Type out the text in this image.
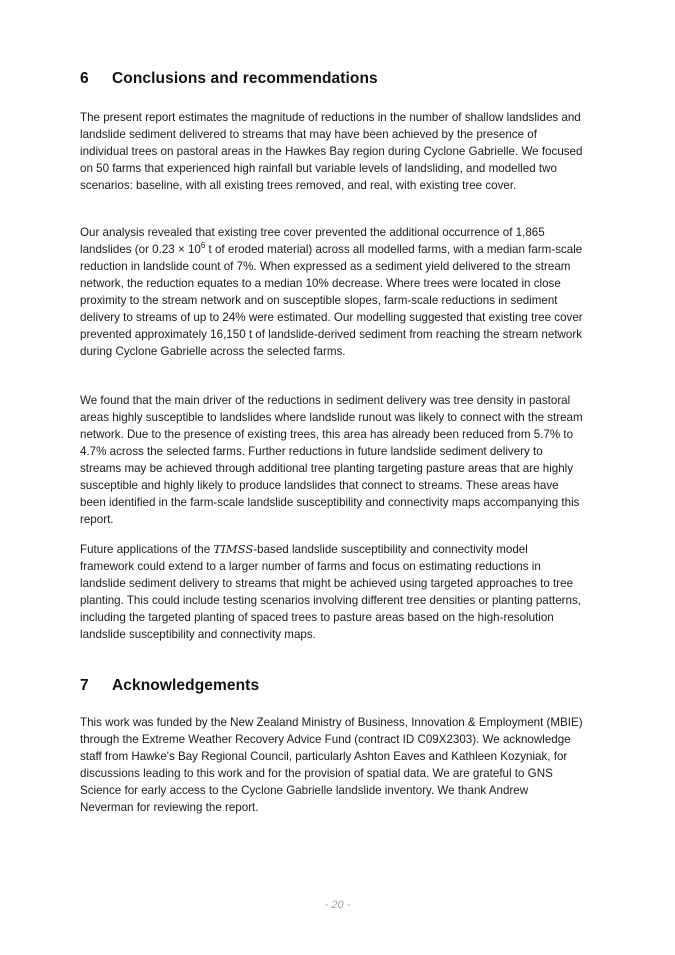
6	Conclusions and recommendations

The present report estimates the magnitude of reductions in the number of shallow landslides and landslide sediment delivered to streams that may have been achieved by the presence of individual trees on pastoral areas in the Hawkes Bay region during Cyclone Gabrielle. We focused on 50 farms that experienced high rainfall but variable levels of landsliding, and modelled two scenarios: baseline, with all existing trees removed, and real, with existing tree cover.

Our analysis revealed that existing tree cover prevented the additional occurrence of 1,865 landslides (or $0.23 \times 10^6$ t of eroded material) across all modelled farms, with a median farm-scale reduction in landslide count of 7%. When expressed as a sediment yield delivered to the stream network, the reduction equates to a median 10% decrease. Where trees were located in close proximity to the stream network and on susceptible slopes, farm-scale reductions in sediment delivery to streams of up to 24% were estimated. Our modelling suggested that existing tree cover prevented approximately 16,150 t of landslide-derived sediment from reaching the stream network during Cyclone Gabrielle across the selected farms.

We found that the main driver of the reductions in sediment delivery was tree density in pastoral areas highly susceptible to landslides where landslide runout was likely to connect with the stream network. Due to the presence of existing trees, this area has already been reduced from 5.7% to 4.7% across the selected farms. Further reductions in future landslide sediment delivery to streams may be achieved through additional tree planting targeting pasture areas that are highly susceptible and highly likely to produce landslides that connect to streams. These areas have been identified in the farm-scale landslide susceptibility and connectivity maps accompanying this report.

Future applications of the TIMSS-based landslide susceptibility and connectivity model framework could extend to a larger number of farms and focus on estimating reductions in landslide sediment delivery to streams that might be achieved using targeted approaches to tree planting. This could include testing scenarios involving different tree densities or planting patterns, including the targeted planting of spaced trees to pasture areas based on the high-resolution landslide susceptibility and connectivity maps.

7	Acknowledgements

This work was funded by the New Zealand Ministry of Business, Innovation & Employment (MBIE) through the Extreme Weather Recovery Advice Fund (contract ID C09X2303). We acknowledge staff from Hawke's Bay Regional Council, particularly Ashton Eaves and Kathleen Kozyniak, for discussions leading to this work and for the provision of spatial data. We are grateful to GNS Science for early access to the Cyclone Gabrielle landslide inventory. We thank Andrew Neverman for reviewing the report.

- 20 -
